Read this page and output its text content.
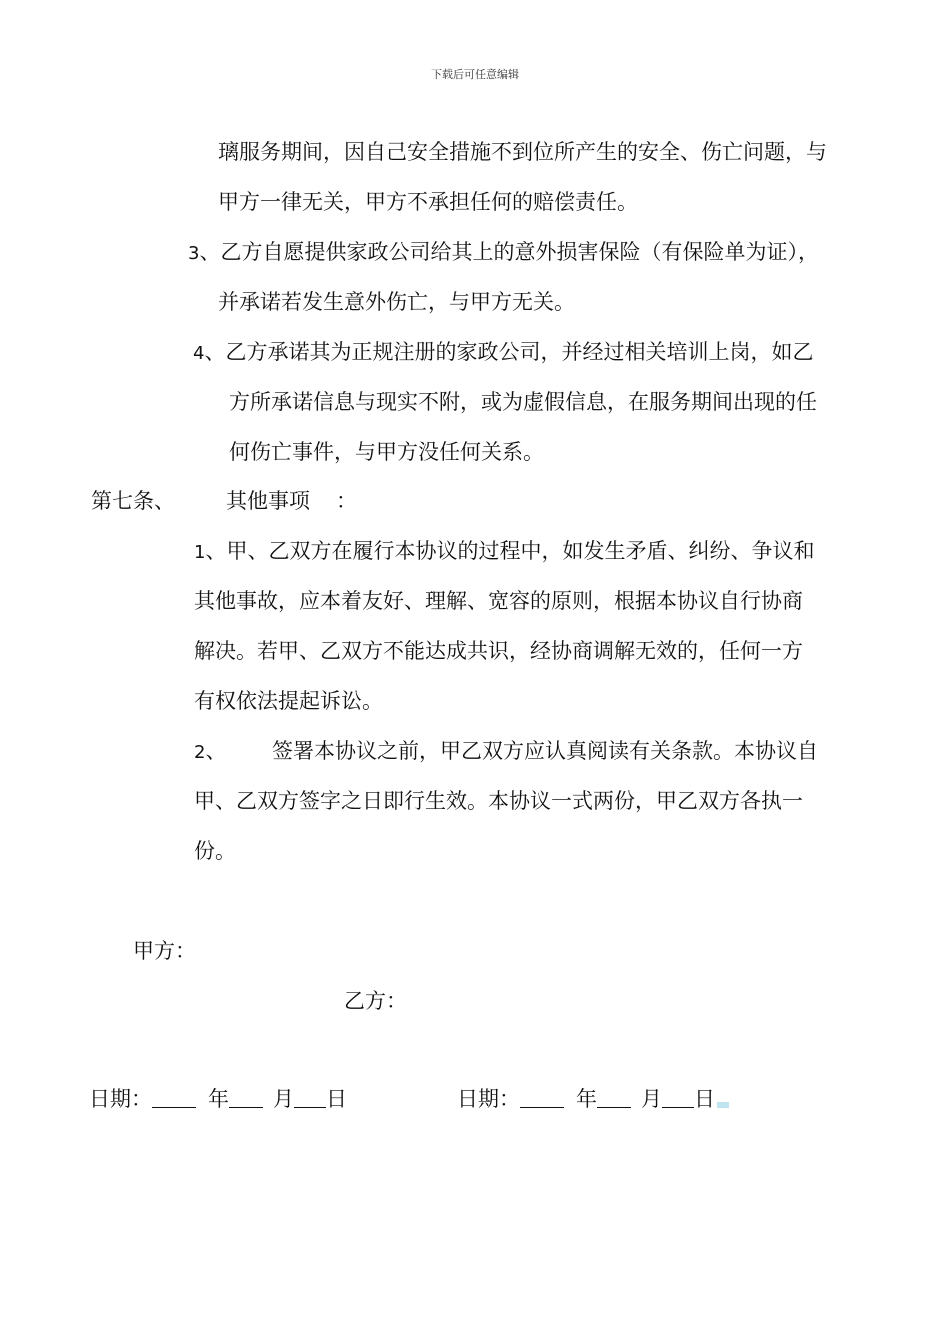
下载后可任意编辑
璃服务期间，因自己安全措施不到位所产生的安全、伤亡问题，与
甲方一律无关，甲方不承担任何的赔偿责任。
3、乙方自愿提供家政公司给其上的意外损害保险（有保险单为证），
并承诺若发生意外伤亡，与甲方无关。
4、乙方承诺其为正规注册的家政公司，并经过相关培训上岗，如乙
方所承诺信息与现实不附，或为虚假信息，在服务期间出现的任
何伤亡事件，与甲方没任何关系。
第七条、 其他事项 ：
1、甲、乙双方在履行本协议的过程中，如发生矛盾、纠纷、争议和
其他事故，应本着友好、理解、宽容的原则，根据本协议自行协商
解决。若甲、乙双方不能达成共识，经协商调解无效的，任何一方
有权依法提起诉讼。
2、 签署本协议之前，甲乙双方应认真阅读有关条款。本协议自
甲、乙双方签字之日即行生效。本协议一式两份，甲乙双方各执一
份。
甲方：
乙方：
日期：	年 月 日	日期：	年 月 日
